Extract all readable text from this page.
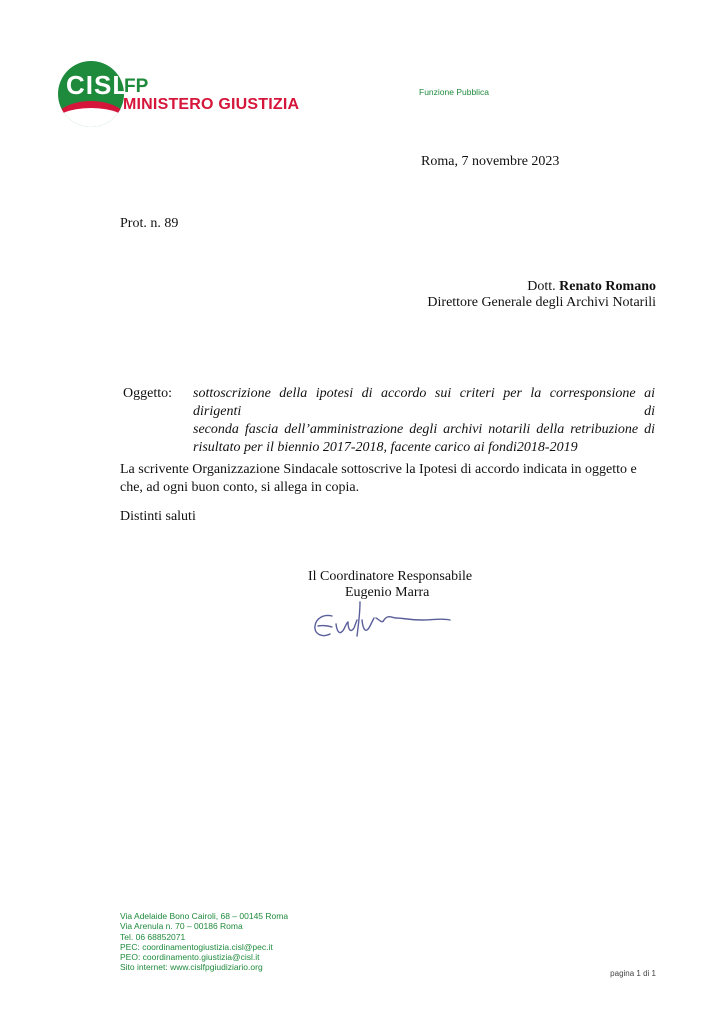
CISL
FP
MINISTERO GIUSTIZIA
Funzione Pubblica
Roma, 7 novembre 2023
Prot. n. 89
Dott. Renato Romano
Direttore Generale degli Archivi Notarili
Oggetto: sottoscrizione della ipotesi di accordo sui criteri per la corresponsione ai dirigenti di
seconda fascia dell’amministrazione degli archivi notarili della retribuzione di
risultato per il biennio 2017-2018, facente carico ai fondi2018-2019
La scrivente Organizzazione Sindacale sottoscrive la Ipotesi di accordo indicata in oggetto e che, ad ogni buon conto, si allega in copia.
Distinti saluti
Il Coordinatore Responsabile
Eugenio Marra
Via Adelaide Bono Cairoli, 68 – 00145 Roma
Via Arenula n. 70 – 00186 Roma
Tel. 06 68852071
PEC: coordinamentogiustizia.cisl@pec.it
PEO: coordinamento.giustizia@cisl.it
Sito internet: www.cislfpgiudiziario.org
pagina 1 di 1
